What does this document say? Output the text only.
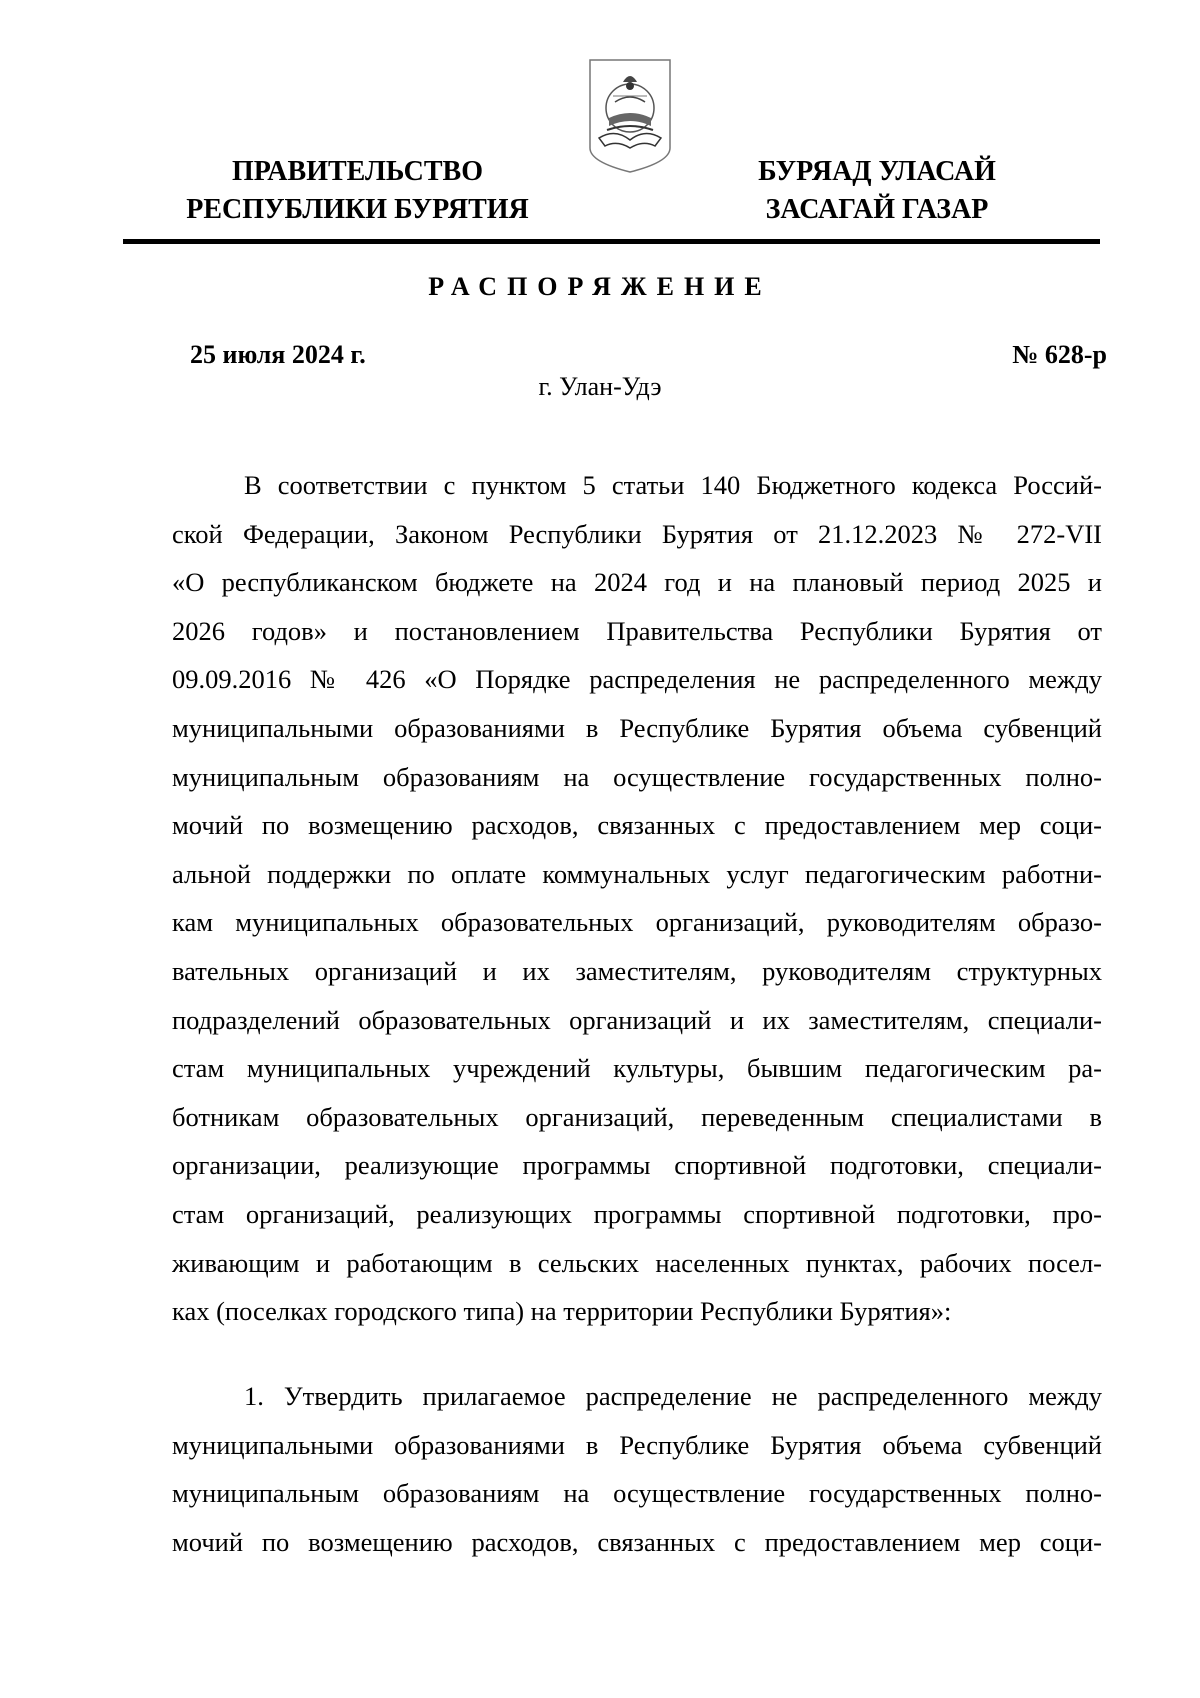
ПРАВИТЕЛЬСТВО
РЕСПУБЛИКИ БУРЯТИЯ
БУРЯАД УЛАСАЙ
ЗАСАГАЙ ГАЗАР
РАСПОРЯЖЕНИЕ
25 июля 2024 г.	№ 628-р
г. Улан-Удэ
В соответствии с пунктом 5 статьи 140 Бюджетного кодекса Россий-
ской Федерации, Законом Республики Бурятия от 21.12.2023 № 272-VII
«О республиканском бюджете на 2024 год и на плановый период 2025 и
2026 годов» и постановлением Правительства Республики Бурятия от
09.09.2016 № 426 «О Порядке распределения не распределенного между
муниципальными образованиями в Республике Бурятия объема субвенций
муниципальным образованиям на осуществление государственных полно-
мочий по возмещению расходов, связанных с предоставлением мер соци-
альной поддержки по оплате коммунальных услуг педагогическим работни-
кам муниципальных образовательных организаций, руководителям образо-
вательных организаций и их заместителям, руководителям структурных
подразделений образовательных организаций и их заместителям, специали-
стам муниципальных учреждений культуры, бывшим педагогическим ра-
ботникам образовательных организаций, переведенным специалистами в
организации, реализующие программы спортивной подготовки, специали-
стам организаций, реализующих программы спортивной подготовки, про-
живающим и работающим в сельских населенных пунктах, рабочих посел-
ках (поселках городского типа) на территории Республики Бурятия»:
1. Утвердить прилагаемое распределение не распределенного между
муниципальными образованиями в Республике Бурятия объема субвенций
муниципальным образованиям на осуществление государственных полно-
мочий по возмещению расходов, связанных с предоставлением мер соци-
